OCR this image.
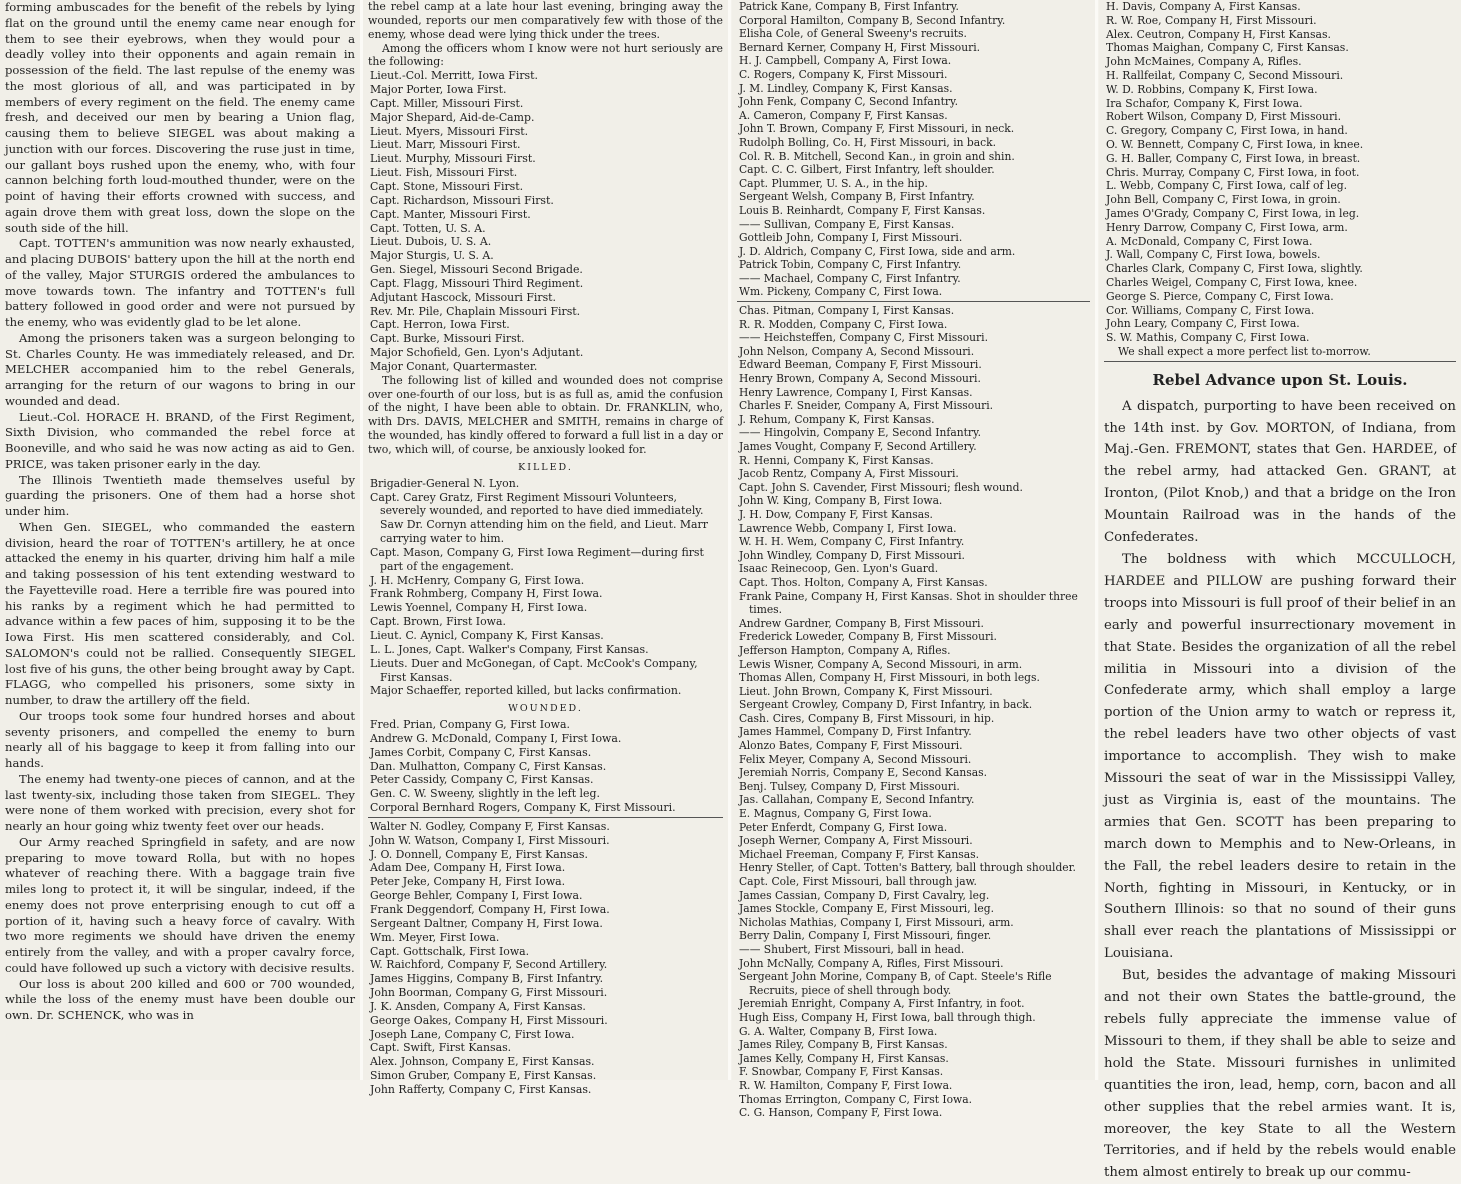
forming ambuscades for the benefit of the rebels by lying flat on the ground until the enemy came near enough for them to see their eyebrows, when they would pour a deadly volley into their opponents and again remain in possession of the field. The last repulse of the enemy was the most glorious of all, and was participated in by members of every regiment on the field. The enemy came fresh, and deceived our men by bearing a Union flag, causing them to believe SIEGEL was about making a junction with our forces. Discovering the ruse just in time, our gallant boys rushed upon the enemy, who, with four cannon belching forth loud-mouthed thunder, were on the point of having their efforts crowned with success, and again drove them with great loss, down the slope on the south side of the hill.

Capt. TOTTEN's ammunition was now nearly exhausted, and placing DUBOIS' battery upon the hill at the north end of the valley, Major STURGIS ordered the ambulances to move towards town. The infantry and TOTTEN's full battery followed in good order and were not pursued by the enemy, who was evidently glad to be let alone.

Among the prisoners taken was a surgeon belonging to St. Charles County. He was immediately released, and Dr. MELCHER accompanied him to the rebel Generals, arranging for the return of our wagons to bring in our wounded and dead.

Lieut.-Col. HORACE H. BRAND, of the First Regiment, Sixth Division, who commanded the rebel force at Booneville, and who said he was now acting as aid to Gen. PRICE, was taken prisoner early in the day.

The Illinois Twentieth made themselves useful by guarding the prisoners. One of them had a horse shot under him.

When Gen. SIEGEL, who commanded the eastern division, heard the roar of TOTTEN's artillery, he at once attacked the enemy in his quarter, driving him half a mile and taking possession of his tent extending westward to the Fayetteville road. Here a terrible fire was poured into his ranks by a regiment which he had permitted to advance within a few paces of him, supposing it to be the Iowa First. His men scattered considerably, and Col. SALOMON's could not be rallied. Consequently SIEGEL lost five of his guns, the other being brought away by Capt. FLAGG, who compelled his prisoners, some sixty in number, to draw the artillery off the field.

Our troops took some four hundred horses and about seventy prisoners, and compelled the enemy to burn nearly all of his baggage to keep it from falling into our hands.

The enemy had twenty-one pieces of cannon, and at the last twenty-six, including those taken from SIEGEL. They were none of them worked with precision, every shot for nearly an hour going whiz twenty feet over our heads.

Our Army reached Springfield in safety, and are now preparing to move toward Rolla, but with no hopes whatever of reaching there. With a baggage train five miles long to protect it, it will be singular, indeed, if the enemy does not prove enterprising enough to cut off a portion of it, having such a heavy force of cavalry. With two more regiments we should have driven the enemy entirely from the valley, and with a proper cavalry force, could have followed up such a victory with decisive results.

Our loss is about 200 killed and 600 or 700 wounded, while the loss of the enemy must have been double our own. Dr. SCHENCK, who was in

the rebel camp at a late hour last evening, bringing away the wounded, reports our men comparatively few with those of the enemy, whose dead were lying thick under the trees.

Among the officers whom I know were not hurt seriously are the following:

Lieut.-Col. Merritt, Iowa First.
Major Porter, Iowa First.
Capt. Miller, Missouri First.
Major Shepard, Aid-de-Camp.
Lieut. Myers, Missouri First.
Lieut. Marr, Missouri First.
Lieut. Murphy, Missouri First.
Lieut. Fish, Missouri First.
Capt. Stone, Missouri First.
Capt. Richardson, Missouri First.
Capt. Manter, Missouri First.
Capt. Totten, U. S. A.
Lieut. Dubois, U. S. A.
Major Sturgis, U. S. A.
Gen. Siegel, Missouri Second Brigade.
Capt. Flagg, Missouri Third Regiment.
Adjutant Hascock, Missouri First.
Rev. Mr. Pile, Chaplain Missouri First.
Capt. Herron, Iowa First.
Capt. Burke, Missouri First.
Major Schofield, Gen. Lyon's Adjutant.
Major Conant, Quartermaster.

The following list of killed and wounded does not comprise over one-fourth of our loss, but is as full as, amid the confusion of the night, I have been able to obtain. Dr. FRANKLIN, who, with Drs. DAVIS, MELCHER and SMITH, remains in charge of the wounded, has kindly offered to forward a full list in a day or two, which will, of course, be anxiously looked for.

KILLED.
Brigadier-General N. Lyon.
Capt. Carey Gratz, First Regiment Missouri Volunteers, severely wounded, and reported to have died immediately. Saw Dr. Cornyn attending him on the field, and Lieut. Marr carrying water to him.
Capt. Mason, Company G, First Iowa Regiment—during first part of the engagement.
J. H. McHenry, Company G, First Iowa.
Frank Rohmberg, Company H, First Iowa.
Lewis Yoennel, Company H, First Iowa.
Capt. Brown, First Iowa.
Lieut. C. Aynicl, Company K, First Kansas.
L. L. Jones, Capt. Walker's Company, First Kansas.
Lieuts. Duer and McGonegan, of Capt. McCook's Company, First Kansas.
Major Schaeffer, reported killed, but lacks confirmation.
WOUNDED.
Fred. Prian, Company G, First Iowa.
Andrew G. McDonald, Company I, First Iowa.
James Corbit, Company C, First Kansas.
Dan. Mulhatton, Company C, First Kansas.
Peter Cassidy, Company C, First Kansas.
Gen. C. W. Sweeny, slightly in the left leg.
Corporal Bernhard Rogers, Company K, First Missouri.
Walter N. Godley, Company F, First Kansas.
John W. Watson, Company I, First Missouri.
J. O. Donnell, Company E, First Kansas.
Adam Dee, Company H, First Iowa.
Peter Jeke, Company H, First Iowa.
George Behler, Company I, First Iowa.
Frank Deggendorf, Company H, First Iowa.
Sergeant Daltner, Company H, First Iowa.
Wm. Meyer, First Iowa.
Capt. Gottschalk, First Iowa.
W. Raichford, Company F, Second Artillery.
James Higgins, Company B, First Infantry.
John Boorman, Company G, First Missouri.
J. K. Ansden, Company A, First Kansas.
George Oakes, Company H, First Missouri.
Joseph Lane, Company C, First Iowa.
Capt. Swift, First Kansas.
Alex. Johnson, Company E, First Kansas.
Simon Gruber, Company E, First Kansas.
John Rafferty, Company C, First Kansas.
Patrick Kane, Company B, First Infantry.
Corporal Hamilton, Company B, Second Infantry.
Elisha Cole, of General Sweeny's recruits.
Bernard Kerner, Company H, First Missouri.
H. J. Campbell, Company A, First Iowa.
C. Rogers, Company K, First Missouri.
J. M. Lindley, Company K, First Kansas.
John Fenk, Company C, Second Infantry.
A. Cameron, Company F, First Kansas.
John T. Brown, Company F, First Missouri, in neck.
Rudolph Bolling, Co. H, First Missouri, in back.
Col. R. B. Mitchell, Second Kan., in groin and shin.
Capt. C. C. Gilbert, First Infantry, left shoulder.
Capt. Plummer, U. S. A., in the hip.
Sergeant Welsh, Company B, First Infantry.
Louis B. Reinhardt, Company F, First Kansas.
—— Sullivan, Company E, First Kansas.
Gottleib John, Company I, First Missouri.
J. D. Aldrich, Company C, First Iowa, side and arm.
Patrick Tobin, Company C, First Infantry.
—— Machael, Company C, First Infantry.
Wm. Pickeny, Company C, First Iowa.
Chas. Pitman, Company I, First Kansas.
R. R. Modden, Company C, First Iowa.
—— Heichsteffen, Company C, First Missouri.
John Nelson, Company A, Second Missouri.
Edward Beeman, Company F, First Missouri.
Henry Brown, Company A, Second Missouri.
Henry Lawrence, Company I, First Kansas.
Charles F. Sneider, Company A, First Missouri.
J. Rehum, Company K, First Kansas.
—— Hingolvin, Company E, Second Infantry.
James Vought, Company F, Second Artillery.
R. Henni, Company K, First Kansas.
Jacob Rentz, Company A, First Missouri.
Capt. John S. Cavender, First Missouri; flesh wound.
John W. King, Company B, First Iowa.
J. H. Dow, Company F, First Kansas.
Lawrence Webb, Company I, First Iowa.
W. H. H. Wem, Company C, First Infantry.
John Windley, Company D, First Missouri.
Isaac Reinecoop, Gen. Lyon's Guard.
Capt. Thos. Holton, Company A, First Kansas.
Frank Paine, Company H, First Kansas. Shot in shoulder three times.
Andrew Gardner, Company B, First Missouri.
Frederick Loweder, Company B, First Missouri.
Jefferson Hampton, Company A, Rifles.
Lewis Wisner, Company A, Second Missouri, in arm.
Thomas Allen, Company H, First Missouri, in both legs.
Lieut. John Brown, Company K, First Missouri.
Sergeant Crowley, Company D, First Infantry, in back.
Cash. Cires, Company B, First Missouri, in hip.
James Hammel, Company D, First Infantry.
Alonzo Bates, Company F, First Missouri.
Felix Meyer, Company A, Second Missouri.
Jeremiah Norris, Company E, Second Kansas.
Benj. Tulsey, Company D, First Missouri.
Jas. Callahan, Company E, Second Infantry.
E. Magnus, Company G, First Iowa.
Peter Enferdt, Company G, First Iowa.
Joseph Werner, Company A, First Missouri.
Michael Freeman, Company F, First Kansas.
Henry Steller, of Capt. Totten's Battery, ball through shoulder.
Capt. Cole, First Missouri, ball through jaw.
James Cassian, Company D, First Cavalry, leg.
James Stockle, Company E, First Missouri, leg.
Nicholas Mathias, Company I, First Missouri, arm.
Berry Dalin, Company I, First Missouri, finger.
—— Shubert, First Missouri, ball in head.
John McNally, Company A, Rifles, First Missouri.
Sergeant John Morine, Company B, of Capt. Steele's Rifle Recruits, piece of shell through body.
Jeremiah Enright, Company A, First Infantry, in foot.
Hugh Eiss, Company H, First Iowa, ball through thigh.
G. A. Walter, Company B, First Iowa.
James Riley, Company B, First Kansas.
James Kelly, Company H, First Kansas.
F. Snowbar, Company F, First Kansas.
R. W. Hamilton, Company F, First Iowa.
Thomas Errington, Company C, First Iowa.
C. G. Hanson, Company F, First Iowa.
H. Davis, Company A, First Kansas.
R. W. Roe, Company H, First Missouri.
Alex. Ceutron, Company H, First Kansas.
Thomas Maighan, Company C, First Kansas.
John McMaines, Company A, Rifles.
H. Rallfeilat, Company C, Second Missouri.
W. D. Robbins, Company K, First Iowa.
Ira Schafor, Company K, First Iowa.
Robert Wilson, Company D, First Missouri.
C. Gregory, Company C, First Iowa, in hand.
O. W. Bennett, Company C, First Iowa, in knee.
G. H. Baller, Company C, First Iowa, in breast.
Chris. Murray, Company C, First Iowa, in foot.
L. Webb, Company C, First Iowa, calf of leg.
John Bell, Company C, First Iowa, in groin.
James O'Grady, Company C, First Iowa, in leg.
Henry Darrow, Company C, First Iowa, arm.
A. McDonald, Company C, First Iowa.
J. Wall, Company C, First Iowa, bowels.
Charles Clark, Company C, First Iowa, slightly.
Charles Weigel, Company C, First Iowa, knee.
George S. Pierce, Company C, First Iowa.
Cor. Williams, Company C, First Iowa.
John Leary, Company C, First Iowa.
S. W. Mathis, Company C, First Iowa.

We shall expect a more perfect list to-morrow.

Rebel Advance upon St. Louis.

A dispatch, purporting to have been received on the 14th inst. by Gov. MORTON, of Indiana, from Maj.-Gen. FREMONT, states that Gen. HARDEE, of the rebel army, had attacked Gen. GRANT, at Ironton, (Pilot Knob,) and that a bridge on the Iron Mountain Railroad was in the hands of the Confederates.

The boldness with which MCCULLOCH, HARDEE and PILLOW are pushing forward their troops into Missouri is full proof of their belief in an early and powerful insurrectionary movement in that State. Besides the organization of all the rebel militia in Missouri into a division of the Confederate army, which shall employ a large portion of the Union army to watch or repress it, the rebel leaders have two other objects of vast importance to accomplish. They wish to make Missouri the seat of war in the Mississippi Valley, just as Virginia is, east of the mountains. The armies that Gen. SCOTT has been preparing to march down to Memphis and to New-Orleans, in the Fall, the rebel leaders desire to retain in the North, fighting in Missouri, in Kentucky, or in Southern Illinois: so that no sound of their guns shall ever reach the plantations of Mississippi or Louisiana.

But, besides the advantage of making Missouri and not their own States the battle-ground, the rebels fully appreciate the immense value of Missouri to them, if they shall be able to seize and hold the State. Missouri furnishes in unlimited quantities the iron, lead, hemp, corn, bacon and all other supplies that the rebel armies want. It is, moreover, the key State to all the Western Territories, and if held by the rebels would enable them almost entirely to break up our commu-
